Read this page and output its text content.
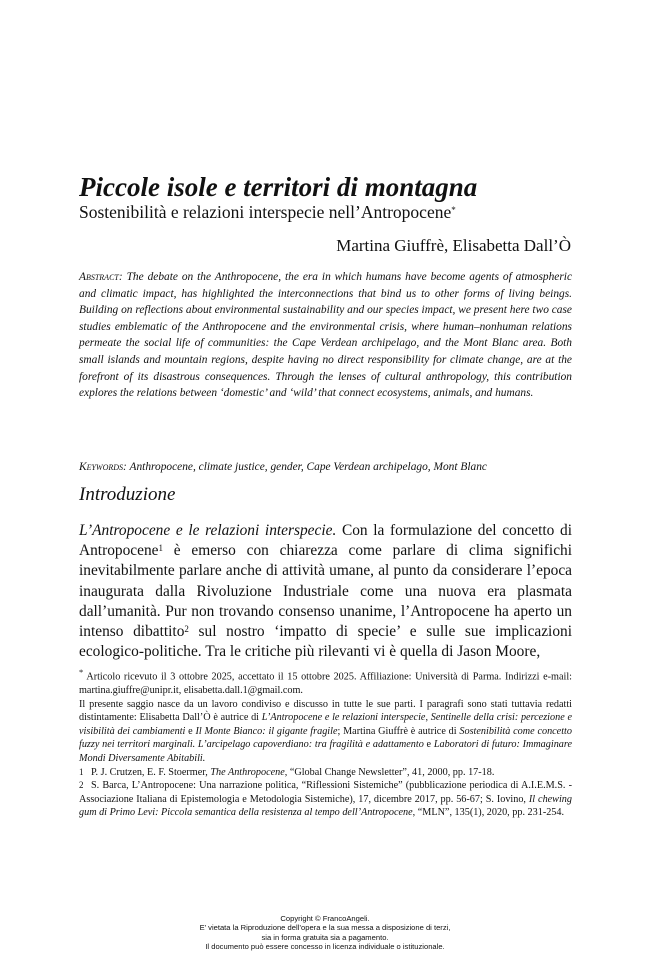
Piccole isole e territori di montagna
Sostenibilità e relazioni interspecie nell’Antropocene*
Martina Giuffrè, Elisabetta Dall’Ò
Abstract: The debate on the Anthropocene, the era in which humans have become agents of atmospheric and climatic impact, has highlighted the interconnections that bind us to other forms of living beings. Building on reflections about environmental sustainability and our species impact, we present here two case studies emblematic of the Anthropocene and the environmental crisis, where human–nonhuman relations permeate the social life of communities: the Cape Verdean archipelago, and the Mont Blanc area. Both small islands and mountain regions, despite having no direct responsibility for climate change, are at the forefront of its disastrous consequences. Through the lenses of cultural anthropology, this contribution explores the relations between ‘domestic’ and ‘wild’ that connect ecosystems, animals, and humans.
Keywords: Anthropocene, climate justice, gender, Cape Verdean archipelago, Mont Blanc
Introduzione

L’Antropocene e le relazioni interspecie. Con la formulazione del concetto di Antropocene$^1$ è emerso con chiarezza come parlare di clima significhi inevitabilmente parlare anche di attività umane, al punto da considerare l’epoca inaugurata dalla Rivoluzione Industriale come una nuova era plasmata dall’umanità. Pur non trovando consenso unanime, l’Antropocene ha aperto un intenso dibattito$^2$ sul nostro ‘impatto di specie’ e sulle sue implicazioni ecologico-politiche. Tra le critiche più rilevanti vi è quella di Jason Moore,

* Articolo ricevuto il 3 ottobre 2025, accettato il 15 ottobre 2025. Affiliazione: Università di Parma. Indirizzi e-mail: martina.giuffre@unipr.it, elisabetta.dall.1@gmail.com.

Il presente saggio nasce da un lavoro condiviso e discusso in tutte le sue parti. I paragrafi sono stati tuttavia redatti distintamente: Elisabetta Dall’Ò è autrice di L’Antropocene e le relazioni interspecie, Sentinelle della crisi: percezione e visibilità dei cambiamenti e Il Monte Bianco: il gigante fragile; Martina Giuffrè è autrice di Sostenibilità come concetto fuzzy nei territori marginali. L’arcipelago capoverdiano: tra fragilità e adattamento e Laboratori di futuro: Immaginare Mondi Diversamente Abitabili.

1 P. J. Crutzen, E. F. Stoermer, The Anthropocene, “Global Change Newsletter”, 41, 2000, pp. 17-18.

2 S. Barca, L’Antropocene: Una narrazione politica, “Riflessioni Sistemiche” (pubblicazione periodica di A.I.E.M.S. - Associazione Italiana di Epistemologia e Metodologia Sistemiche), 17, dicembre 2017, pp. 56-67; S. Iovino, Il chewing gum di Primo Levi: Piccola semantica della resistenza al tempo dell’Antropocene, “MLN”, 135(1), 2020, pp. 231-254.

Copyright © FrancoAngeli.
E’ vietata la Riproduzione dell’opera e la sua messa a disposizione di terzi,
sia in forma gratuita sia a pagamento.
Il documento può essere concesso in licenza individuale o istituzionale.
